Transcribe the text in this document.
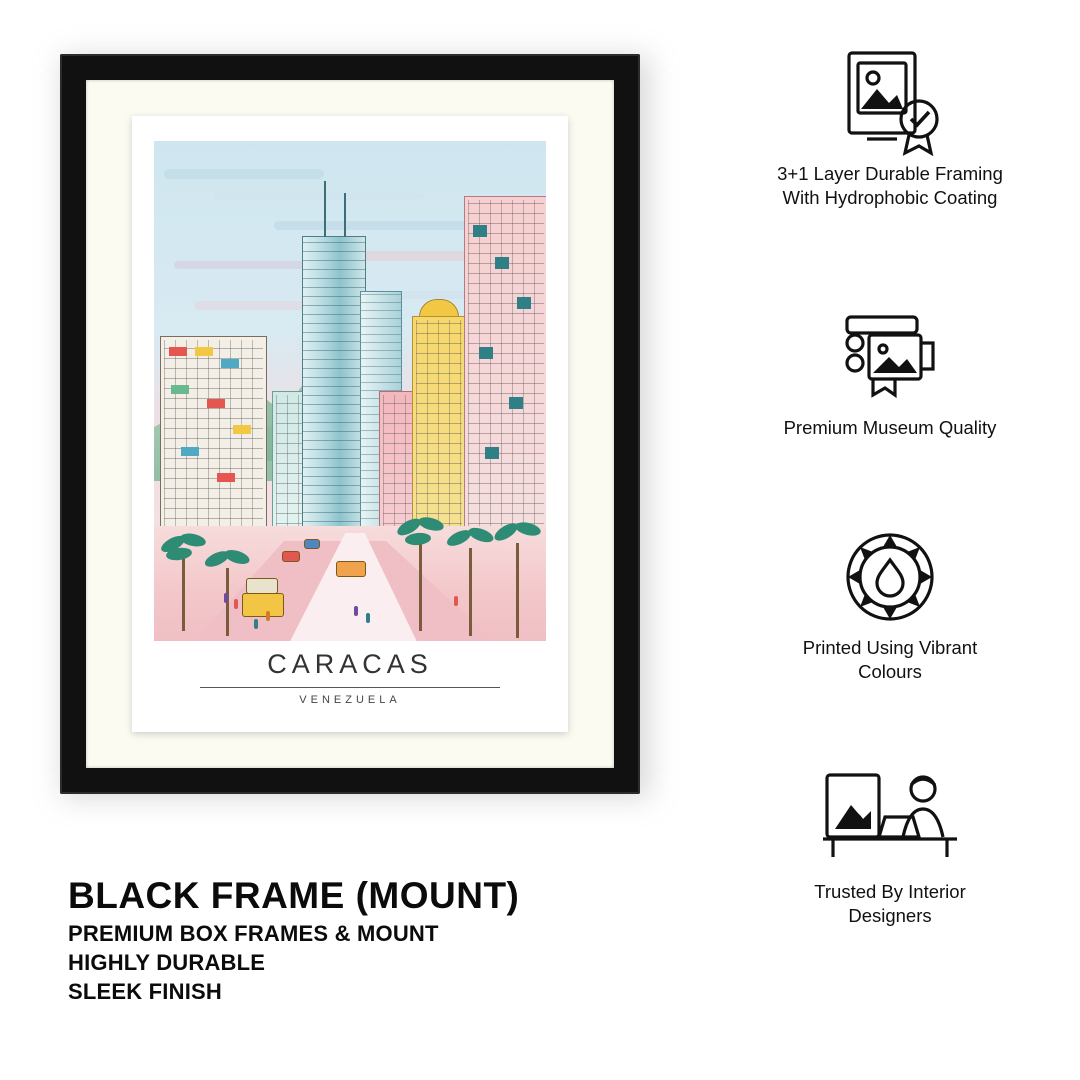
CARACAS
VENEZUELA

BLACK FRAME (MOUNT)

PREMIUM BOX FRAMES & MOUNT

HIGHLY DURABLE

SLEEK FINISH

3+1 Layer Durable Framing
With Hydrophobic Coating
Premium Museum Quality
Printed Using Vibrant
Colours
Trusted By Interior
Designers
